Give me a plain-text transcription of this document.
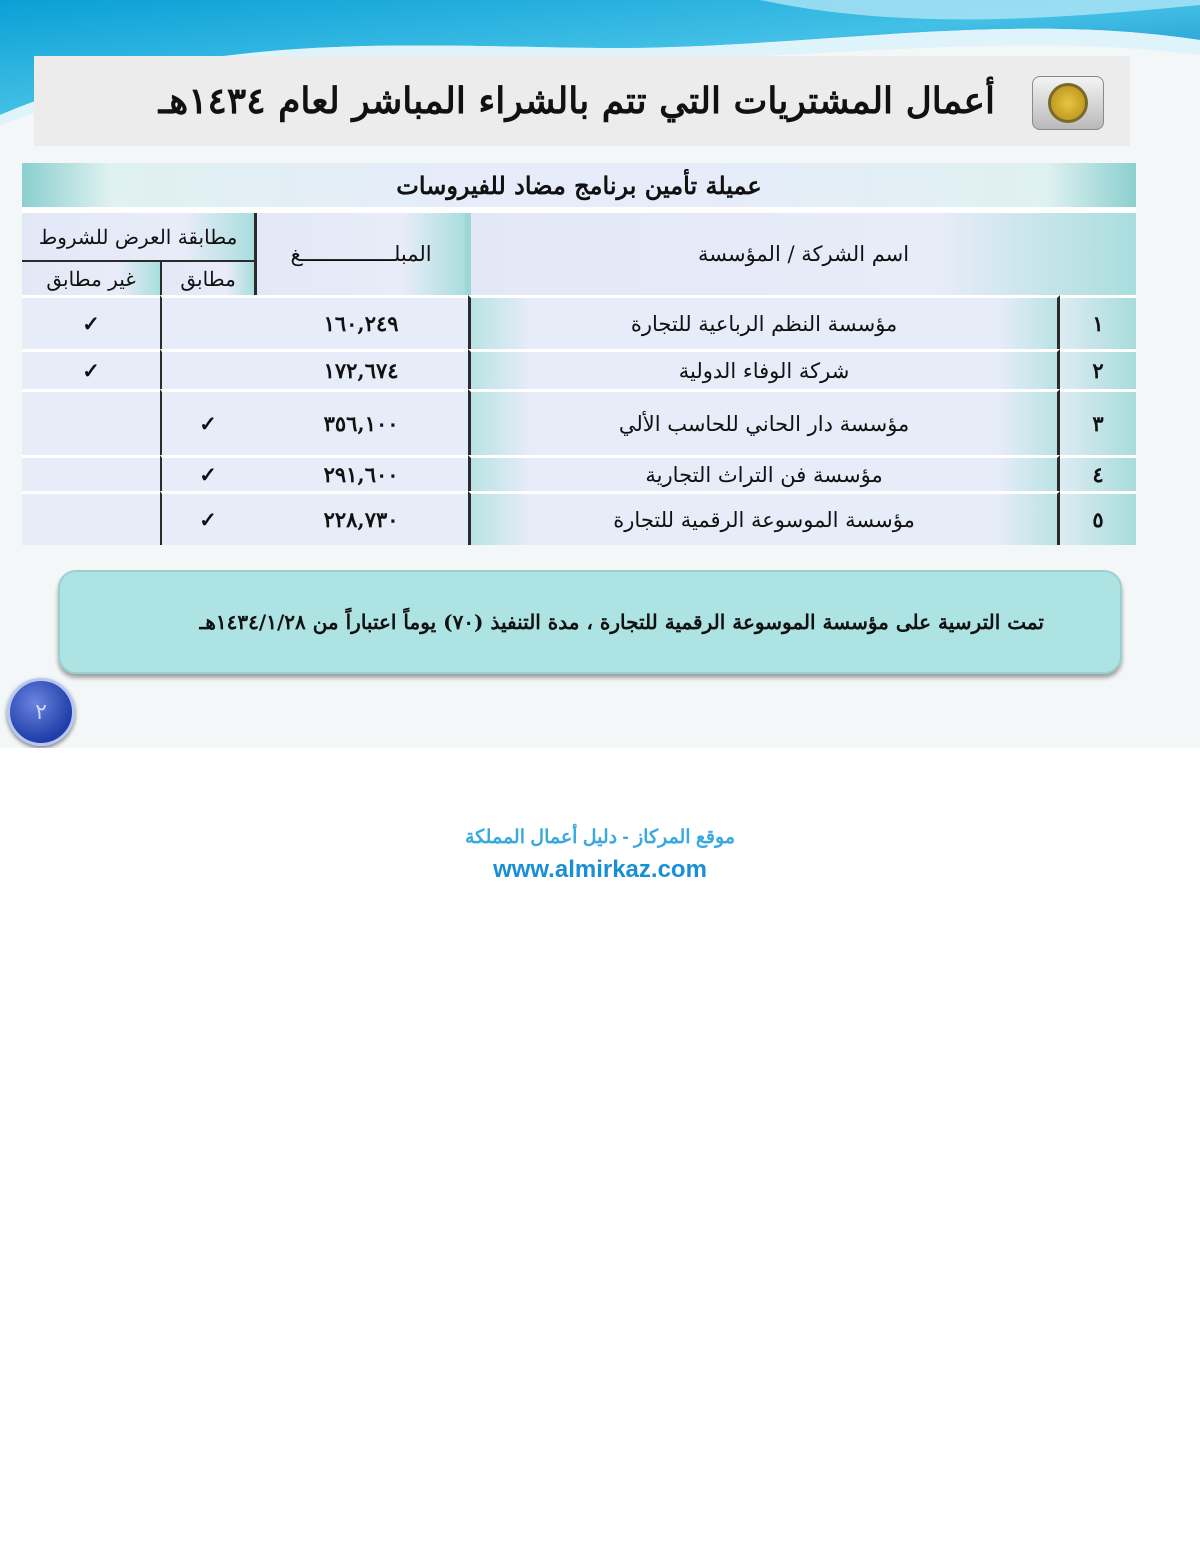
أعمال المشتريات التي تتم بالشراء المباشر لعام ١٤٣٤هـ
عميلة تأمين برنامج مضاد للفيروسات				
اسم الشركة / المؤسسة		المبلـــــــــــــــغ	مطابقة العرض للشروط	
			مطابق	غير مطابق
١	مؤسسة النظم الرباعية للتجارة	١٦٠,٢٤٩		✓
٢	شركة الوفاء الدولية	١٧٢,٦٧٤		✓
٣	مؤسسة دار الحاني للحاسب الألي	٣٥٦,١٠٠	✓	
٤	مؤسسة فن التراث التجارية	٢٩١,٦٠٠	✓	
٥	مؤسسة الموسوعة الرقمية للتجارة	٢٢٨,٧٣٠	✓	
تمت الترسية على مؤسسة الموسوعة الرقمية للتجارة ، مدة التنفيذ (٧٠) يوماً اعتباراً من ١٤٣٤/١/٢٨هـ
٢
موقع المركاز - دليل أعمال المملكة
www.almirkaz.com
